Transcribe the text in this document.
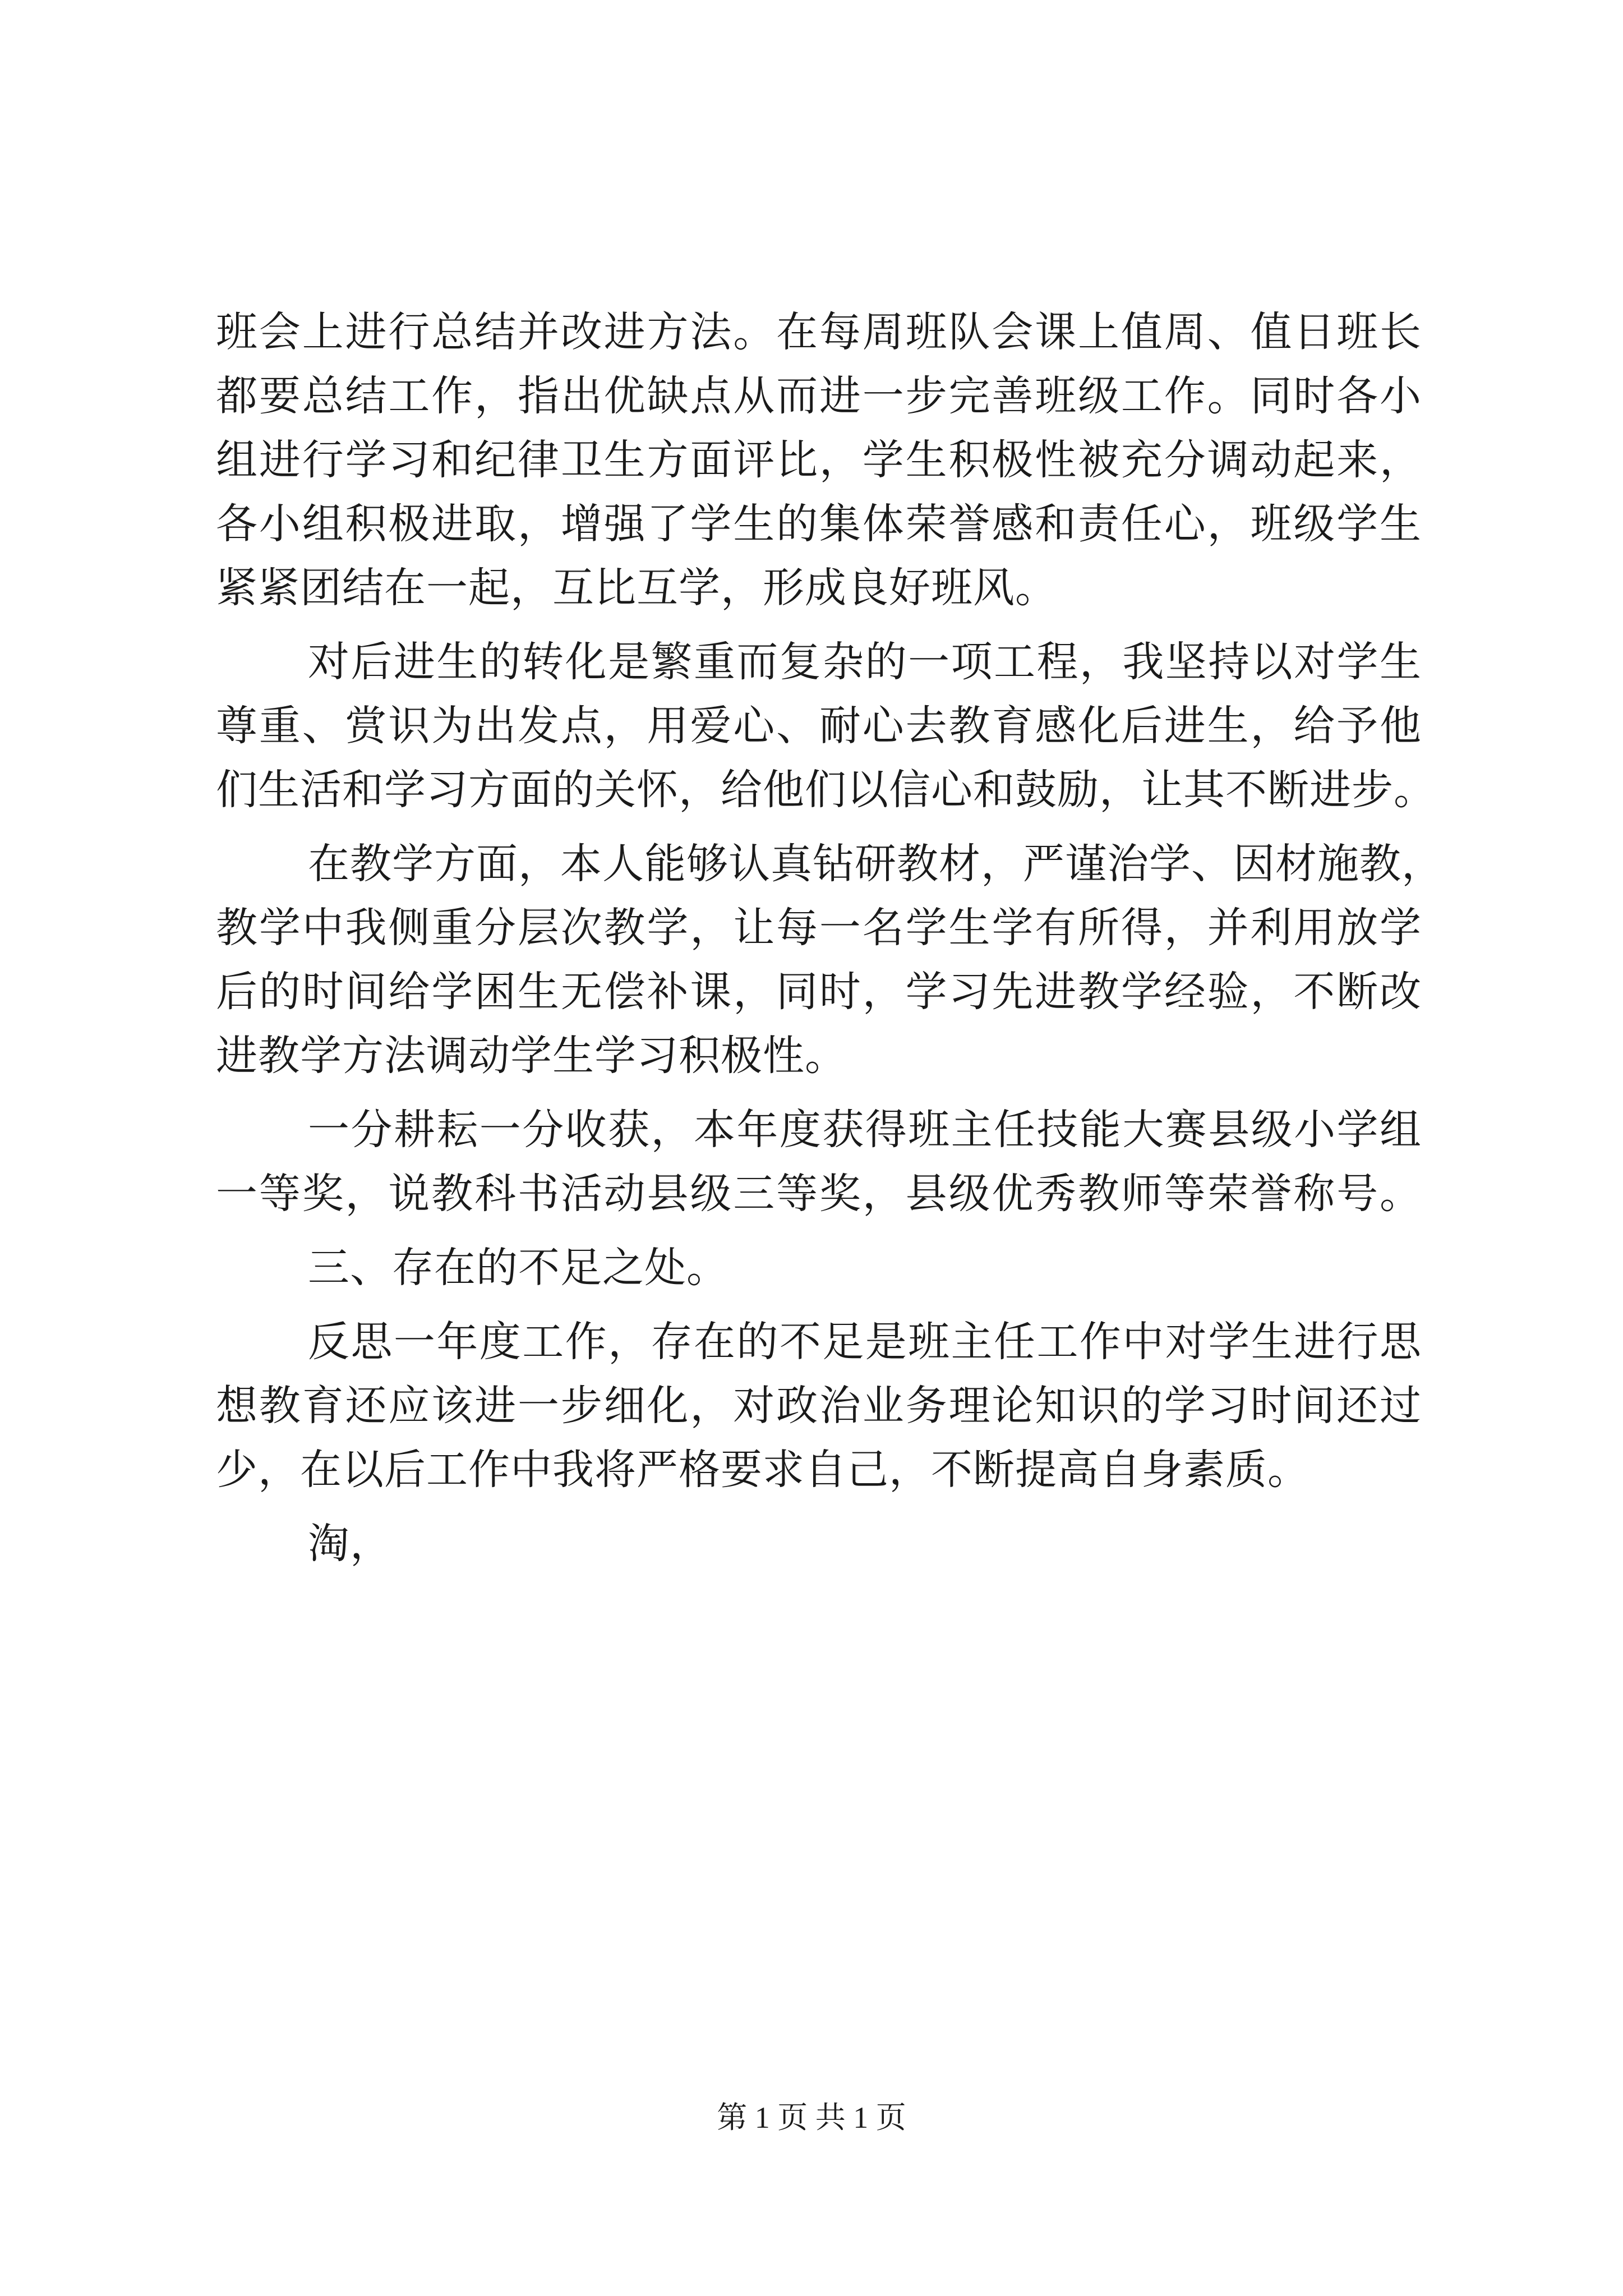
班会上进行总结并改进方法。在每周班队会课上值周、值日班长
都要总结工作，指出优缺点从而进一步完善班级工作。同时各小
组进行学习和纪律卫生方面评比，学生积极性被充分调动起来，
各小组积极进取，增强了学生的集体荣誉感和责任心，班级学生
紧紧团结在一起，互比互学，形成良好班风。
对后进生的转化是繁重而复杂的一项工程，我坚持以对学生
尊重、赏识为出发点，用爱心、耐心去教育感化后进生，给予他
们生活和学习方面的关怀，给他们以信心和鼓励，让其不断进步。
在教学方面，本人能够认真钻研教材，严谨治学、因材施教，
教学中我侧重分层次教学，让每一名学生学有所得，并利用放学
后的时间给学困生无偿补课，同时，学习先进教学经验，不断改
进教学方法调动学生学习积极性。
一分耕耘一分收获，本年度获得班主任技能大赛县级小学组
一等奖，说教科书活动县级三等奖，县级优秀教师等荣誉称号。
三、存在的不足之处。
反思一年度工作，存在的不足是班主任工作中对学生进行思
想教育还应该进一步细化，对政治业务理论知识的学习时间还过
少，在以后工作中我将严格要求自己，不断提高自身素质。
淘，
第 1 页 共 1 页
